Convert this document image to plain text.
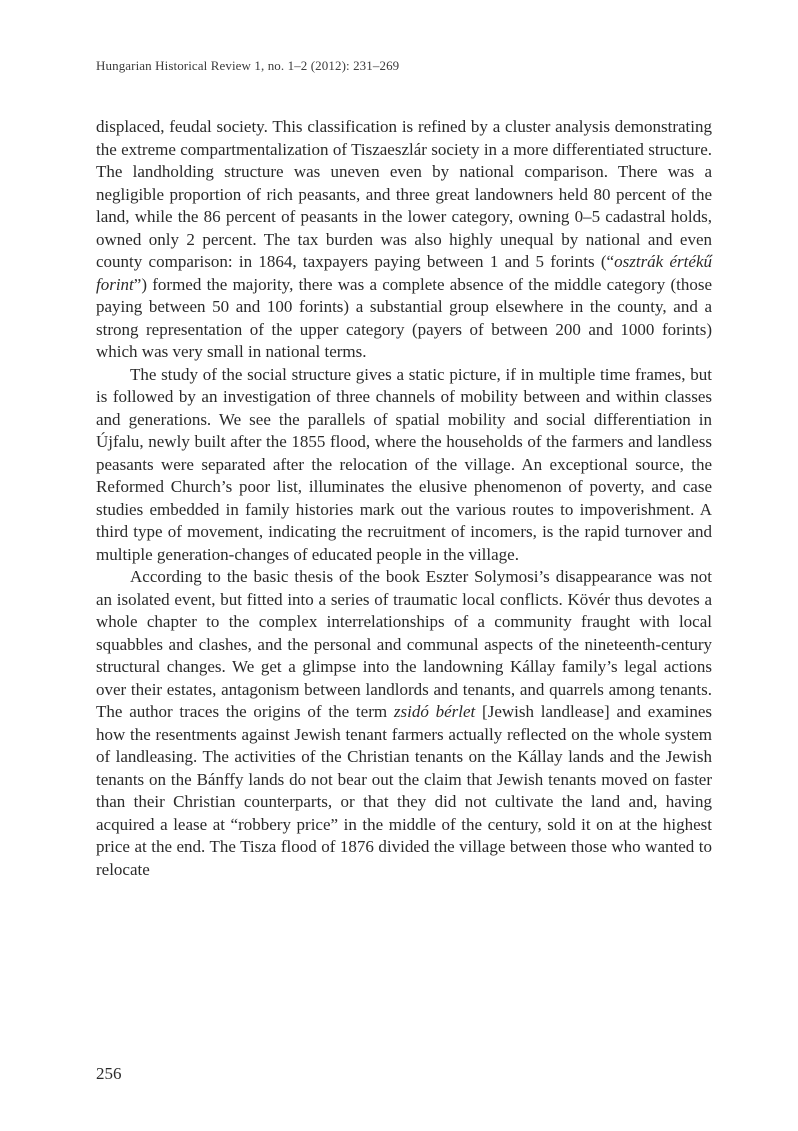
Hungarian Historical Review 1, no. 1–2 (2012): 231–269

displaced, feudal society. This classification is refined by a cluster analysis demonstrating the extreme compartmentalization of Tiszaeszlár society in a more differentiated structure. The landholding structure was uneven even by national comparison. There was a negligible proportion of rich peasants, and three great landowners held 80 percent of the land, while the 86 percent of peasants in the lower category, owning 0–5 cadastral holds, owned only 2 percent. The tax burden was also highly unequal by national and even county comparison: in 1864, taxpayers paying between 1 and 5 forints (“osztrák értékű forint”) formed the majority, there was a complete absence of the middle category (those paying between 50 and 100 forints) a substantial group elsewhere in the county, and a strong representation of the upper category (payers of between 200 and 1000 forints) which was very small in national terms.

The study of the social structure gives a static picture, if in multiple time frames, but is followed by an investigation of three channels of mobility between and within classes and generations. We see the parallels of spatial mobility and social differentiation in Újfalu, newly built after the 1855 flood, where the households of the farmers and landless peasants were separated after the relocation of the village. An exceptional source, the Reformed Church’s poor list, illuminates the elusive phenomenon of poverty, and case studies embedded in family histories mark out the various routes to impoverishment. A third type of movement, indicating the recruitment of incomers, is the rapid turnover and multiple generation-changes of educated people in the village.

According to the basic thesis of the book Eszter Solymosi’s disappearance was not an isolated event, but fitted into a series of traumatic local conflicts. Kövér thus devotes a whole chapter to the complex interrelationships of a community fraught with local squabbles and clashes, and the personal and communal aspects of the nineteenth-century structural changes. We get a glimpse into the landowning Kállay family’s legal actions over their estates, antagonism between landlords and tenants, and quarrels among tenants. The author traces the origins of the term zsidó bérlet [Jewish landlease] and examines how the resentments against Jewish tenant farmers actually reflected on the whole system of landleasing. The activities of the Christian tenants on the Kállay lands and the Jewish tenants on the Bánffy lands do not bear out the claim that Jewish tenants moved on faster than their Christian counterparts, or that they did not cultivate the land and, having acquired a lease at “robbery price” in the middle of the century, sold it on at the highest price at the end. The Tisza flood of 1876 divided the village between those who wanted to relocate

256
